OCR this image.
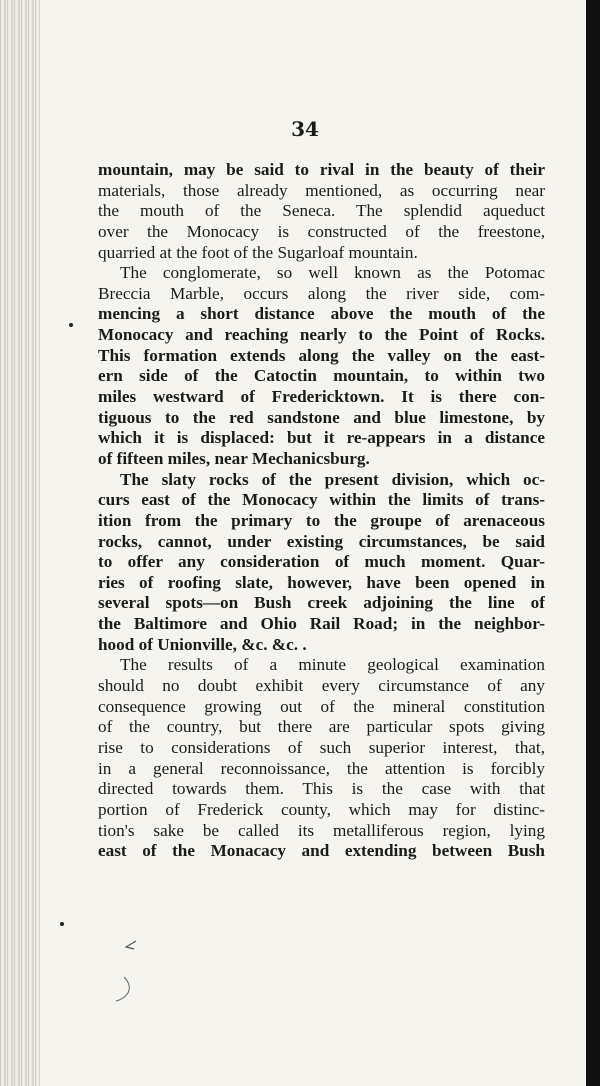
34
mountain, may be said to rival in the beauty of their
materials, those already mentioned, as occurring near
the mouth of the Seneca. The splendid aqueduct
over the Monocacy is constructed of the freestone,
quarried at the foot of the Sugarloaf mountain.
The conglomerate, so well known as the Potomac
Breccia Marble, occurs along the river side, com-
mencing a short distance above the mouth of the
Monocacy and reaching nearly to the Point of Rocks.
This formation extends along the valley on the east-
ern side of the Catoctin mountain, to within two
miles westward of Fredericktown. It is there con-
tiguous to the red sandstone and blue limestone, by
which it is displaced: but it re-appears in a distance
of fifteen miles, near Mechanicsburg.
The slaty rocks of the present division, which oc-
curs east of the Monocacy within the limits of trans-
ition from the primary to the groupe of arenaceous
rocks, cannot, under existing circumstances, be said
to offer any consideration of much moment. Quar-
ries of roofing slate, however, have been opened in
several spots—on Bush creek adjoining the line of
the Baltimore and Ohio Rail Road; in the neighbor-
hood of Unionville, &c. &c. .
The results of a minute geological examination
should no doubt exhibit every circumstance of any
consequence growing out of the mineral constitution
of the country, but there are particular spots giving
rise to considerations of such superior interest, that,
in a general reconnoissance, the attention is forcibly
directed towards them. This is the case with that
portion of Frederick county, which may for distinc-
tion's sake be called its metalliferous region, lying
east of the Monacacy and extending between Bush
